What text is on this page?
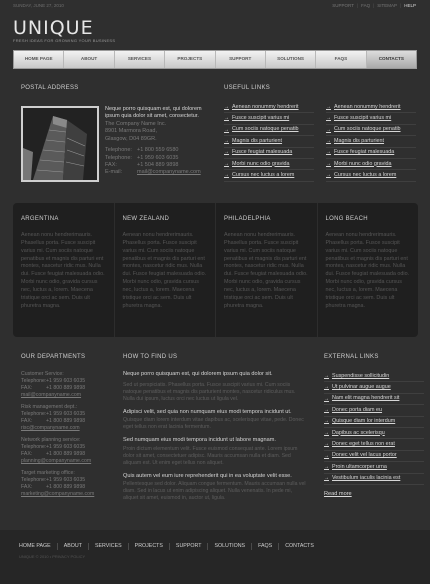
SUNDAY, JUNE 27, 2010	SUPPORT | FAQ | SITEMAP | HELP
UNIQUE
FRESH IDEAS FOR GROWING YOUR BUSINESS
HOME PAGE	ABOUT	SERVICES	PROJECTS	SUPPORT	SOLUTIONS	FAQS	CONTACTS
POSTAL ADDRESS
Neque porro quisquam est, qui dolorem ipsum quia dolor sit amet, consectetur.
The Company Name Inc.
8901 Marmora Road,
Glasgow, D04 89GR.
Telephone: +1 800 559 6580
Telephone: +1 959 603 6035
FAX:	+1 504 889 9898
E-mail:	mail@companyname.com
USEFUL LINKS
→ Aenean nonummy hendrerit
→ Fusce suscipit varius mi
→ Cum sociis natoque penatib
→ Magnis dis parturient
→ Fusce feugiat malesuada
→ Morbi nunc odio gravida
→ Cursus nec luctus a lorem
→ Aenean nonummy hendrerit
→ Fusce suscipit varius mi
→ Cum sociis natoque penatib
→ Magnis dis parturient
→ Fusce feugiat malesuada
→ Morbi nunc odio gravida
→ Cursus nec luctus a lorem
ARGENTINA
Aenean nonu hendrerimauris. Phasellus porta. Fusce suscipit varius mi. Cum sociis natoque penatibus et magnis dis parturi ent montes, nascetur ridic mus. Nulla dui. Fusce feugiat malesuada odio. Morbi nunc odio, gravida cursus nec, luctus a, lorem. Maecena tristique orci ac sem. Duis ult phuretra magna.
NEW ZEALAND
Aenean nonu hendrerimauris. Phasellus porta. Fusce suscipit varius mi. Cum sociis natoque penatibus et magnis dis parturi ent montes, nascetur ridic mus. Nulla dui. Fusce feugiat malesuada odio. Morbi nunc odio, gravida cursus nec, luctus a, lorem. Maecena tristique orci ac sem. Duis ult phuretra magna.
PHILADELPHIA
Aenean nonu hendrerimauris. Phasellus porta. Fusce suscipit varius mi. Cum sociis natoque penatibus et magnis dis parturi ent montes, nascetur ridic mus. Nulla dui. Fusce feugiat malesuada odio. Morbi nunc odio, gravida cursus nec, luctus a, lorem. Maecena tristique orci ac sem. Duis ult phuretra magna.
LONG BEACH
Aenean nonu hendrerimauris. Phasellus porta. Fusce suscipit varius mi. Cum sociis natoque penatibus et magnis dis parturi ent montes, nascetur ridic mus. Nulla dui. Fusce feugiat malesuada odio. Morbi nunc odio, gravida cursus nec, luctus a, lorem. Maecena tristique orci ac sem. Duis ult phuretra magna.
OUR DEPARTMENTS
Customer Service:
Telephone: +1 959 603 6035
FAX:	+1 800 889 9898
mail@companyname.com
Risk management dept.:
Telephone: +1 959 603 6035
FAX:	+1 800 889 9898
risc@companyname.com
Network planning service:
Telephone: +1 959 603 6035
FAX:	+1 800 889 9898
planning@companyname.com
Target marketing office:
Telephone: +1 959 603 6035
FAX:	+1 800 889 9898
marketing@companyname.com
HOW TO FIND US
Neque porro quisquam est, qui dolorem ipsum quia dolor sit.
Sed ut perspiciatis. Phasellus porta. Fusce suscipit varius mi. Cum sociis natoque penatibus et magnis dis parturient montes, nascetur ridiculus mus. Nulla dui ipsum, luctus orci nec luctus ut ligula vel.
Adipisci velit, sed quia non numquam eius modi tempora incidunt ut.
Quisque diam lorem interdum vitae dapibus ac, scelerisque vitae, pede. Donec eget tellus non erat lacinia fermentum.
Sed numquam eius modi tempora incidunt ut labore magnam.
Proin dictum elementum velit. Fusce euismod consequat ante. Lorem ipsum dolor sit amet, consectetuer adipisc. Mauris accumsan nulla et diam. Sed aliquam est. Ut enim eget tellus non aliquet.
Quis autem vel eum iure reprehenderit qui in ea voluptate velit esse.
Pellentesque sed dolor. Aliquam congue fermentum. Mauris accumsan nulla vel diam. Sed in lacus ut enim adipiscing aliquet. Nulla venenatis. In pede mi, aliquet sit amet, euismod in, auctor ut, ligula.
EXTERNAL LINKS
→ Suspendisse sollicitudin
→ Ut pulvinar augue augue
→ Nam elit magna hendrerit sit
→ Donec porta diam eu
→ Quisque diam lor interdum
→ Dapibus ac scelerisqu
→ Donec eget tellus non erat
→ Donec velit vel lacus portor
→ Proin ultamcorper urna
→ Vestibulum iaculis lacinia est
Read more
HOME PAGE	ABOUT	SERVICES	PROJECTS	SUPPORT	SOLUTIONS	FAQS	CONTACTS
UNIQUE © 2010 • PRIVACY POLICY
